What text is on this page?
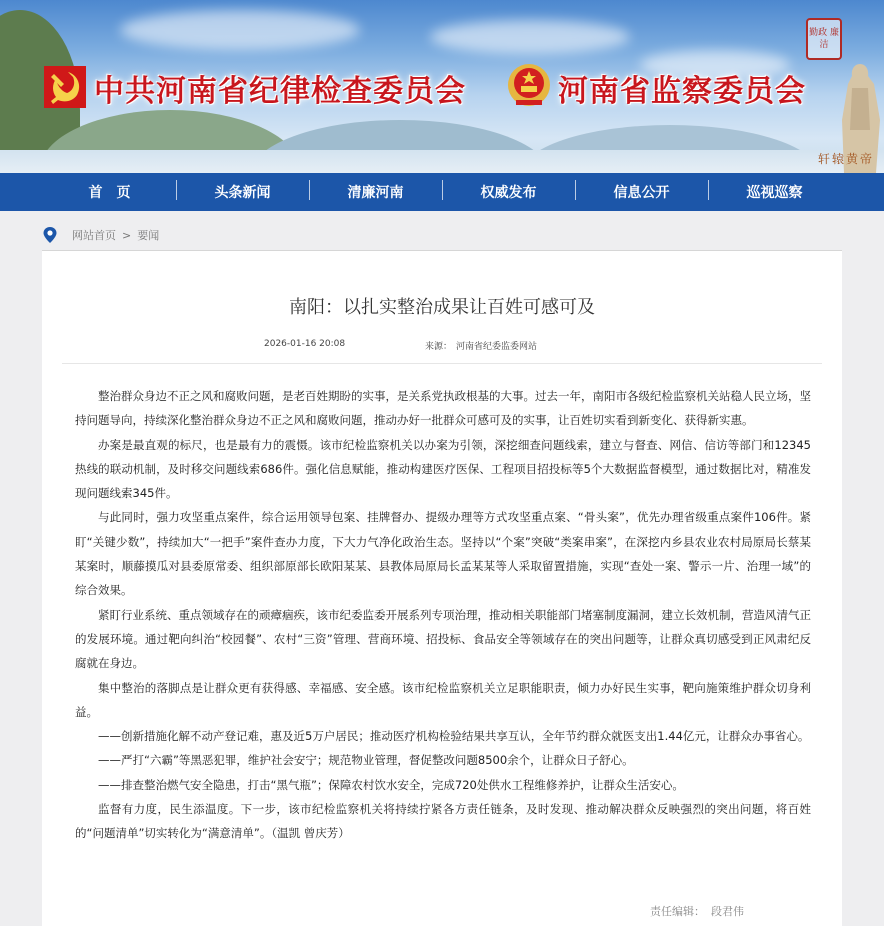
中共河南省纪律检查委员会	河南省监察委员会
勤政 廉洁
轩辕黄帝
首　页	头条新闻	清廉河南	权威发布	信息公开	巡视巡察
网站首页 > 要闻
南阳：以扎实整治成果让百姓可感可及
2026-01-16 20:08	来源： 河南省纪委监委网站

整治群众身边不正之风和腐败问题，是老百姓期盼的实事，是关系党执政根基的大事。过去一年，南阳市各级纪检监察机关站稳人民立场，坚持问题导向，持续深化整治群众身边不正之风和腐败问题，推动办好一批群众可感可及的实事，让百姓切实看到新变化、获得新实惠。

办案是最直观的标尺，也是最有力的震慑。该市纪检监察机关以办案为引领，深挖细查问题线索，建立与督查、网信、信访等部门和12345热线的联动机制，及时移交问题线索686件。强化信息赋能，推动构建医疗医保、工程项目招投标等5个大数据监督模型，通过数据比对，精准发现问题线索345件。

与此同时，强力攻坚重点案件，综合运用领导包案、挂牌督办、提级办理等方式攻坚重点案、“骨头案”，优先办理省级重点案件106件。紧盯“关键少数”，持续加大“一把手”案件查办力度，下大力气净化政治生态。坚持以“个案”突破“类案串案”，在深挖内乡县农业农村局原局长蔡某某案时，顺藤摸瓜对县委原常委、组织部原部长欧阳某某、县教体局原局长孟某某等人采取留置措施，实现“查处一案、警示一片、治理一域”的综合效果。

紧盯行业系统、重点领域存在的顽瘴痼疾，该市纪委监委开展系列专项治理，推动相关职能部门堵塞制度漏洞，建立长效机制，营造风清气正的发展环境。通过靶向纠治“校园餐”、农村“三资”管理、营商环境、招投标、食品安全等领域存在的突出问题等，让群众真切感受到正风肃纪反腐就在身边。

集中整治的落脚点是让群众更有获得感、幸福感、安全感。该市纪检监察机关立足职能职责，倾力办好民生实事，靶向施策维护群众切身利益。

——创新措施化解不动产登记难，惠及近5万户居民；推动医疗机构检验结果共享互认，全年节约群众就医支出1.44亿元，让群众办事省心。

——严打“六霸”等黑恶犯罪，维护社会安宁；规范物业管理，督促整改问题8500余个，让群众日子舒心。

——排查整治燃气安全隐患，打击“黑气瓶”；保障农村饮水安全，完成720处供水工程维修养护，让群众生活安心。

监督有力度，民生添温度。下一步，该市纪检监察机关将持续拧紧各方责任链条，及时发现、推动解决群众反映强烈的突出问题，将百姓的“问题清单”切实转化为“满意清单”。（温凯 曾庆芳）

责任编辑： 段君伟
